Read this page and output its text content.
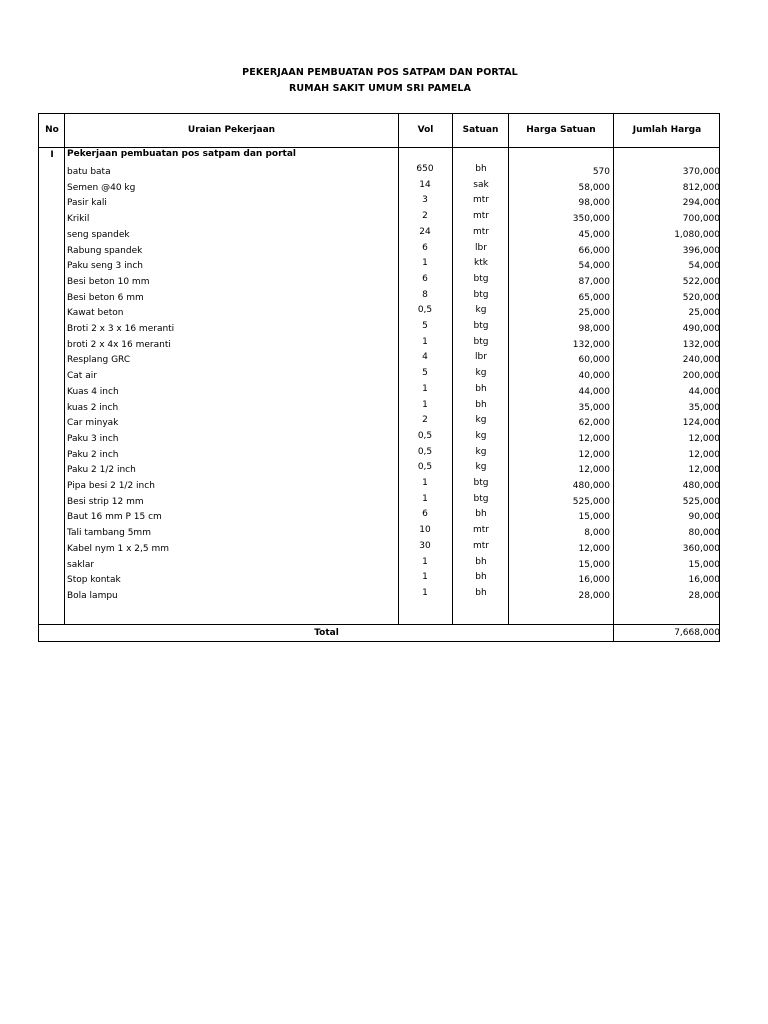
PEKERJAAN PEMBUATAN POS SATPAM DAN PORTAL
RUMAH SAKIT UMUM SRI PAMELA
No	Uraian Pekerjaan	Vol	Satuan	Harga Satuan	Jumlah Harga
I	Pekerjaan pembuatan pos satpam dan portal
batu bata	650	bh	570	370,000
Semen @40 kg	14	sak	58,000	812,000
Pasir kali	3	mtr	98,000	294,000
Krikil	2	mtr	350,000	700,000
seng spandek	24	mtr	45,000	1,080,000
Rabung spandek	6	lbr	66,000	396,000
Paku seng 3 inch	1	ktk	54,000	54,000
Besi beton 10 mm	6	btg	87,000	522,000
Besi beton 6 mm	8	btg	65,000	520,000
Kawat beton	0,5	kg	25,000	25,000
Broti 2 x 3 x 16 meranti	5	btg	98,000	490,000
broti 2 x 4x 16 meranti	1	btg	132,000	132,000
Resplang GRC	4	lbr	60,000	240,000
Cat air	5	kg	40,000	200,000
Kuas 4 inch	1	bh	44,000	44,000
kuas 2 inch	1	bh	35,000	35,000
Car minyak	2	kg	62,000	124,000
Paku 3 inch	0,5	kg	12,000	12,000
Paku 2 inch	0,5	kg	12,000	12,000
Paku 2 1/2 inch	0,5	kg	12,000	12,000
Pipa besi 2 1/2 inch	1	btg	480,000	480,000
Besi strip 12 mm	1	btg	525,000	525,000
Baut 16 mm P 15 cm	6	bh	15,000	90,000
Tali tambang 5mm	10	mtr	8,000	80,000
Kabel nym 1 x 2,5 mm	30	mtr	12,000	360,000
saklar	1	bh	15,000	15,000
Stop kontak	1	bh	16,000	16,000
Bola lampu	1	bh	28,000	28,000
Total	7,668,000
